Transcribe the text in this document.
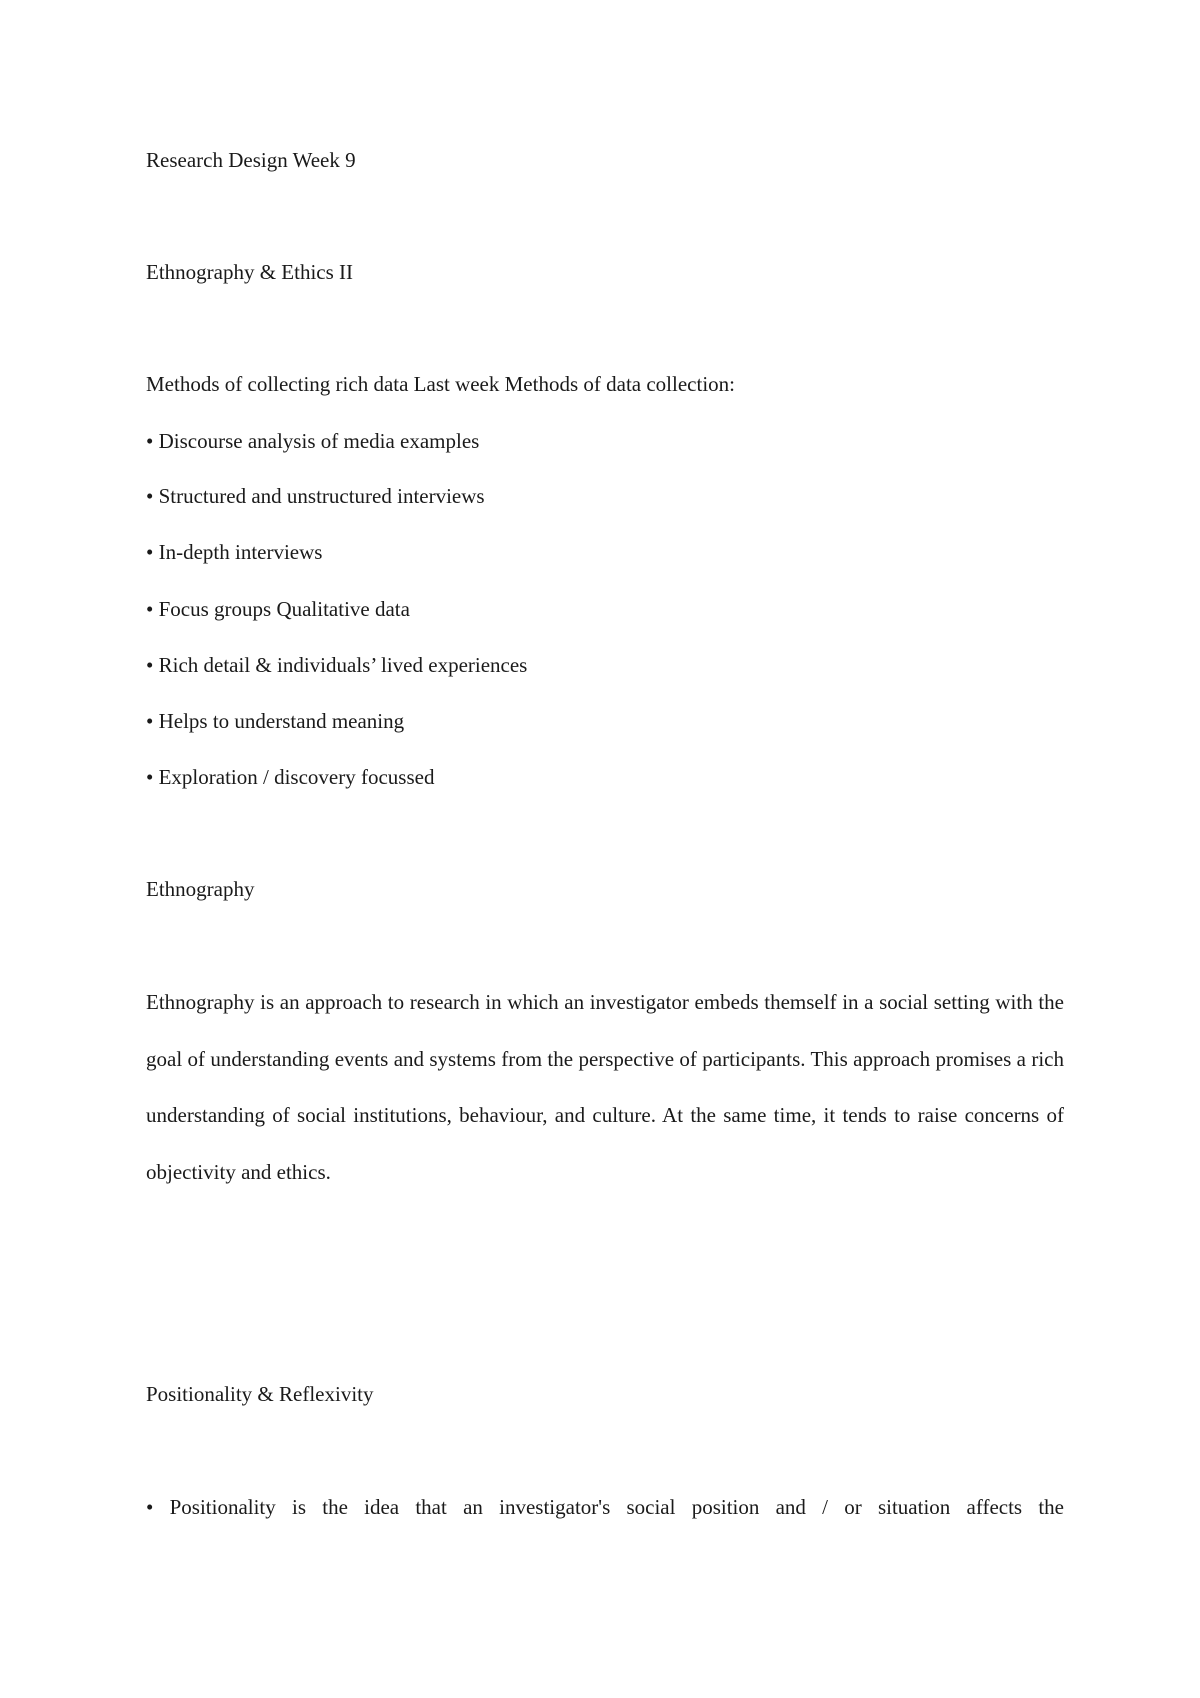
Research Design Week 9
Ethnography & Ethics II
Methods of collecting rich data Last week Methods of data collection:
• Discourse analysis of media examples
• Structured and unstructured interviews
• In-depth interviews
• Focus groups Qualitative data
• Rich detail & individuals’ lived experiences
• Helps to understand meaning
• Exploration / discovery focussed
Ethnography
Ethnography is an approach to research in which an investigator embeds themself in a social setting with the goal of understanding events and systems from the perspective of participants. This approach promises a rich understanding of social institutions, behaviour, and culture. At the same time, it tends to raise concerns of objectivity and ethics.
Positionality & Reflexivity
• Positionality is the idea that an investigator's social position and / or situation affects the
